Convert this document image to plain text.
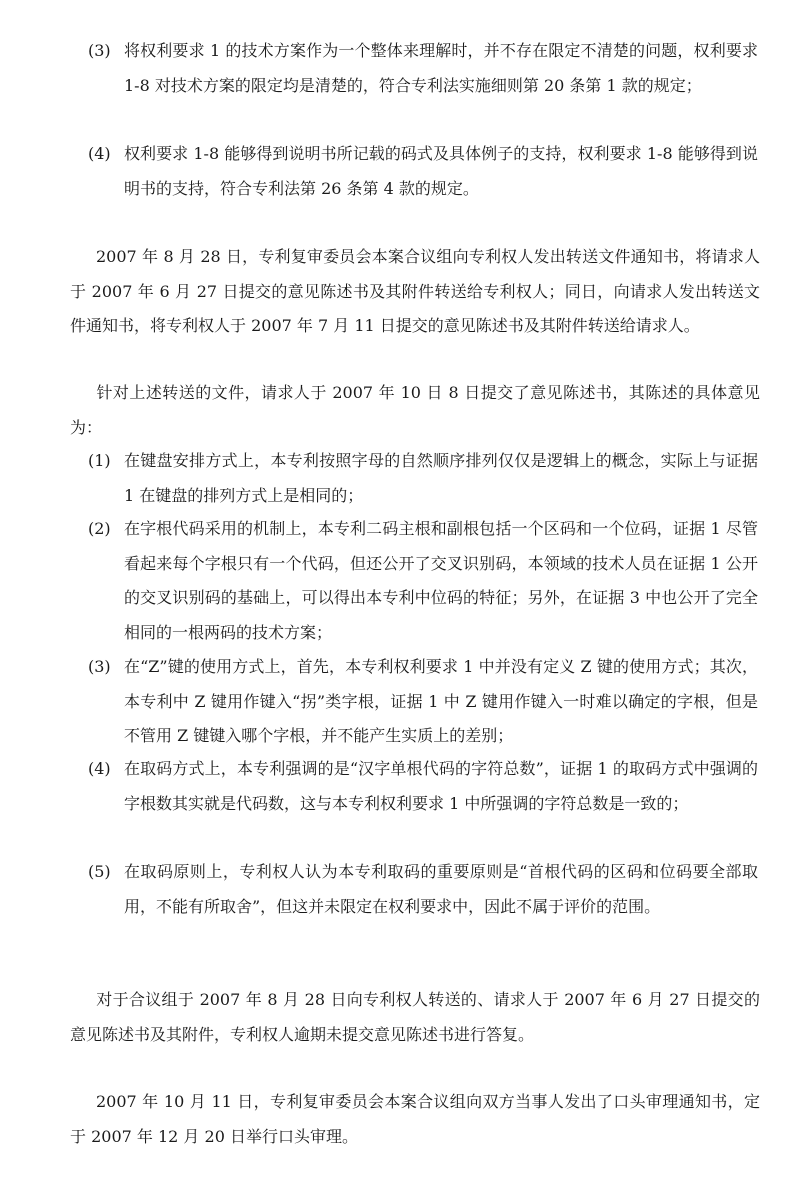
(3) 将权利要求 1 的技术方案作为一个整体来理解时，并不存在限定不清楚的问题，权利要求 1-8 对技术方案的限定均是清楚的，符合专利法实施细则第 20 条第 1 款的规定；
(4) 权利要求 1-8 能够得到说明书所记载的码式及具体例子的支持，权利要求 1-8 能够得到说明书的支持，符合专利法第 26 条第 4 款的规定。
2007 年 8 月 28 日，专利复审委员会本案合议组向专利权人发出转送文件通知书，将请求人于 2007 年 6 月 27 日提交的意见陈述书及其附件转送给专利权人；同日，向请求人发出转送文件通知书，将专利权人于 2007 年 7 月 11 日提交的意见陈述书及其附件转送给请求人。
针对上述转送的文件，请求人于 2007 年 10 日 8 日提交了意见陈述书，其陈述的具体意见为：
(1) 在键盘安排方式上，本专利按照字母的自然顺序排列仅仅是逻辑上的概念，实际上与证据 1 在键盘的排列方式上是相同的；
(2) 在字根代码采用的机制上，本专利二码主根和副根包括一个区码和一个位码，证据 1 尽管看起来每个字根只有一个代码，但还公开了交叉识别码，本领域的技术人员在证据 1 公开的交叉识别码的基础上，可以得出本专利中位码的特征；另外，在证据 3 中也公开了完全相同的一根两码的技术方案；
(3) 在“Z”键的使用方式上，首先，本专利权利要求 1 中并没有定义 Z 键的使用方式；其次，本专利中 Z 键用作键入“拐”类字根，证据 1 中 Z 键用作键入一时难以确定的字根，但是不管用 Z 键键入哪个字根，并不能产生实质上的差别；
(4) 在取码方式上，本专利强调的是“汉字单根代码的字符总数”，证据 1 的取码方式中强调的字根数其实就是代码数，这与本专利权利要求 1 中所强调的字符总数是一致的；
(5) 在取码原则上，专利权人认为本专利取码的重要原则是“首根代码的区码和位码要全部取用，不能有所取舍”，但这并未限定在权利要求中，因此不属于评价的范围。
对于合议组于 2007 年 8 月 28 日向专利权人转送的、请求人于 2007 年 6 月 27 日提交的意见陈述书及其附件，专利权人逾期未提交意见陈述书进行答复。
2007 年 10 月 11 日，专利复审委员会本案合议组向双方当事人发出了口头审理通知书，定于 2007 年 12 月 20 日举行口头审理。
